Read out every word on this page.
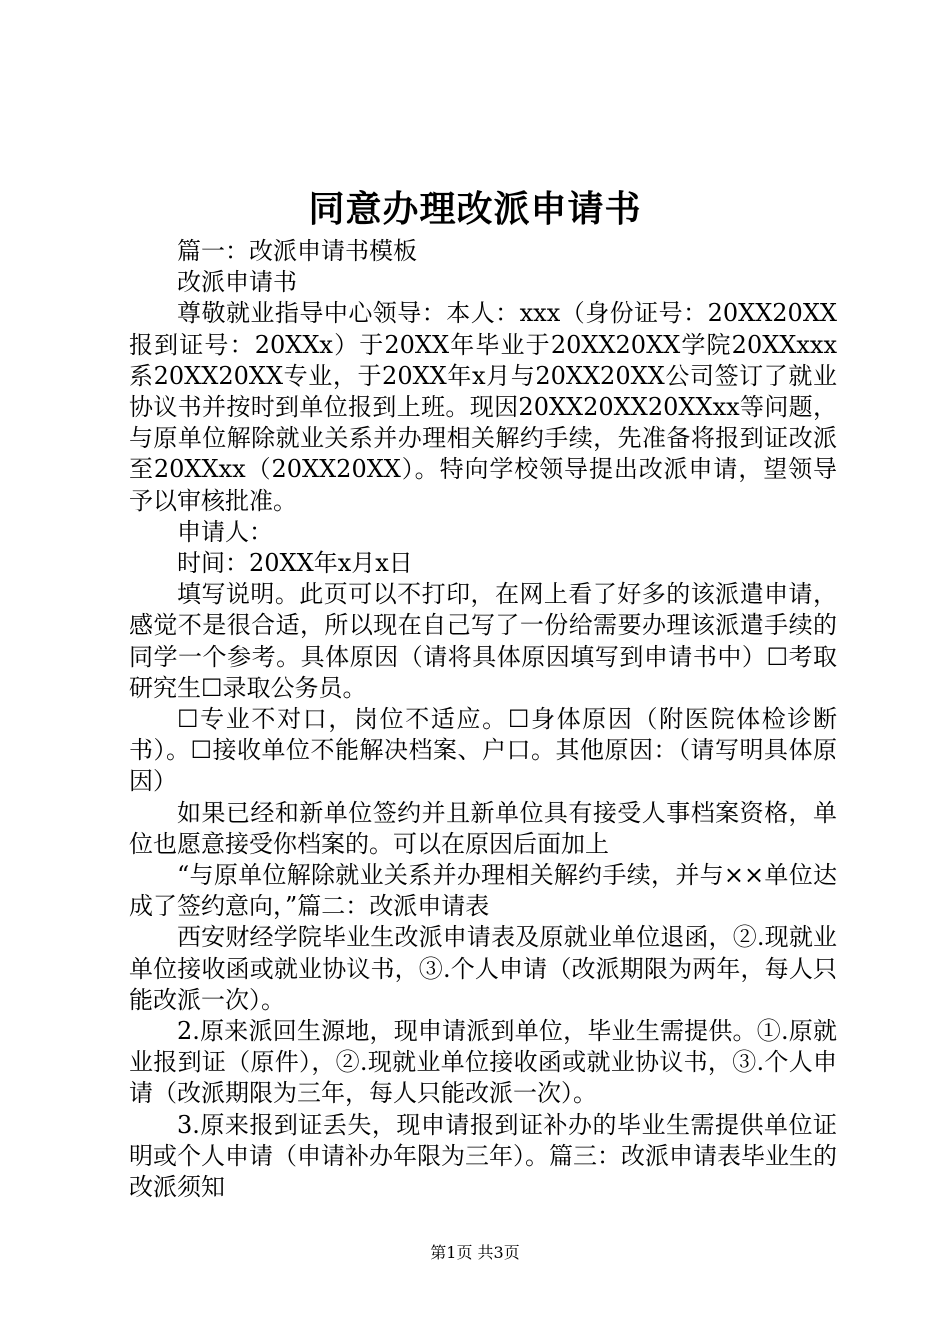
同意办理改派申请书

篇一：改派申请书模板

改派申请书

尊敬就业指导中心领导：本人：xxx（身份证号：20XX20XX报到证号：20XXx）于20XX年毕业于20XX20XX学院20XXxxx系20XX20XX专业，于20XX年x月与20XX20XX公司签订了就业协议书并按时到单位报到上班。现因20XX20XX20XXxx等问题，与原单位解除就业关系并办理相关解约手续，先准备将报到证改派至20XXxx（20XX20XX）。特向学校领导提出改派申请，望领导予以审核批准。

申请人：

时间：20XX年x月x日

填写说明。此页可以不打印，在网上看了好多的该派遣申请，感觉不是很合适，所以现在自己写了一份给需要办理该派遣手续的同学一个参考。具体原因（请将具体原因填写到申请书中）☐考取研究生☐录取公务员。

☐专业不对口，岗位不适应。☐身体原因（附医院体检诊断书）。☐接收单位不能解决档案、户口。其他原因：（请写明具体原因）

如果已经和新单位签约并且新单位具有接受人事档案资格，单位也愿意接受你档案的。可以在原因后面加上

“与原单位解除就业关系并办理相关解约手续，并与××单位达成了签约意向，”篇二：改派申请表

西安财经学院毕业生改派申请表及原就业单位退函，②.现就业单位接收函或就业协议书，③.个人申请（改派期限为两年，每人只能改派一次）。

2.原来派回生源地，现申请派到单位，毕业生需提供。①.原就业报到证（原件），②.现就业单位接收函或就业协议书，③.个人申请（改派期限为三年，每人只能改派一次）。

3.原来报到证丢失，现申请报到证补办的毕业生需提供单位证明或个人申请（申请补办年限为三年）。篇三：改派申请表毕业生的改派须知

第1页 共3页
